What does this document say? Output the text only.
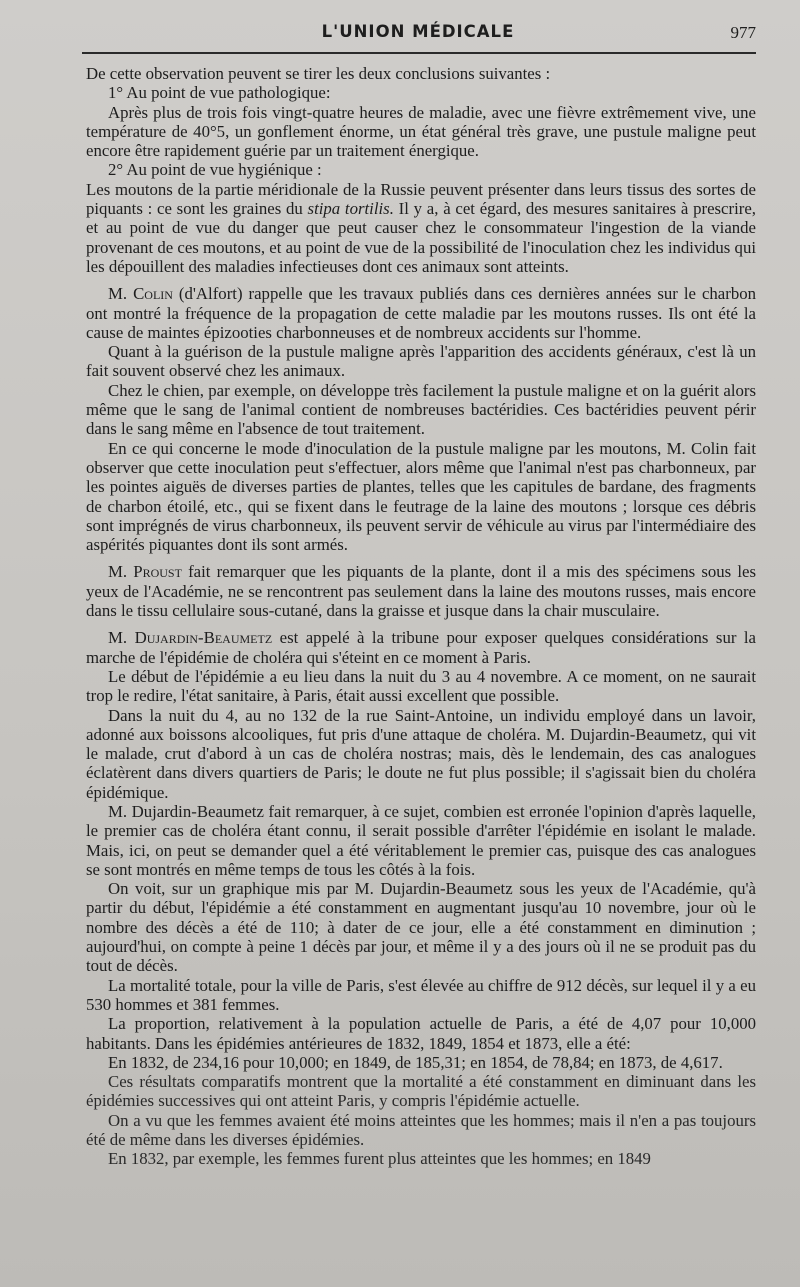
L'UNION MÉDICALE	977

De cette observation peuvent se tirer les deux conclusions suivantes :

1° Au point de vue pathologique:

Après plus de trois fois vingt-quatre heures de maladie, avec une fièvre extrêmement vive, une température de 40°5, un gonflement énorme, un état général très grave, une pustule maligne peut encore être rapidement guérie par un traitement énergique.

2° Au point de vue hygiénique :

Les moutons de la partie méridionale de la Russie peuvent présenter dans leurs tissus des sortes de piquants : ce sont les graines du stipa tortilis. Il y a, à cet égard, des mesures sanitaires à prescrire, et au point de vue du danger que peut causer chez le consommateur l'ingestion de la viande provenant de ces moutons, et au point de vue de la possibilité de l'inoculation chez les individus qui les dépouillent des maladies infectieuses dont ces animaux sont atteints.

M. Colin (d'Alfort) rappelle que les travaux publiés dans ces dernières années sur le charbon ont montré la fréquence de la propagation de cette maladie par les moutons russes. Ils ont été la cause de maintes épizooties charbonneuses et de nombreux accidents sur l'homme.

Quant à la guérison de la pustule maligne après l'apparition des accidents généraux, c'est là un fait souvent observé chez les animaux.

Chez le chien, par exemple, on développe très facilement la pustule maligne et on la guérit alors même que le sang de l'animal contient de nombreuses bactéridies. Ces bactéridies peuvent périr dans le sang même en l'absence de tout traitement.

En ce qui concerne le mode d'inoculation de la pustule maligne par les moutons, M. Colin fait observer que cette inoculation peut s'effectuer, alors même que l'animal n'est pas charbonneux, par les pointes aiguës de diverses parties de plantes, telles que les capitules de bardane, des fragments de charbon étoilé, etc., qui se fixent dans le feutrage de la laine des moutons ; lorsque ces débris sont imprégnés de virus charbonneux, ils peuvent servir de véhicule au virus par l'intermédiaire des aspérités piquantes dont ils sont armés.

M. Proust fait remarquer que les piquants de la plante, dont il a mis des spécimens sous les yeux de l'Académie, ne se rencontrent pas seulement dans la laine des moutons russes, mais encore dans le tissu cellulaire sous-cutané, dans la graisse et jusque dans la chair musculaire.

M. Dujardin-Beaumetz est appelé à la tribune pour exposer quelques considérations sur la marche de l'épidémie de choléra qui s'éteint en ce moment à Paris.

Le début de l'épidémie a eu lieu dans la nuit du 3 au 4 novembre. A ce moment, on ne saurait trop le redire, l'état sanitaire, à Paris, était aussi excellent que possible.

Dans la nuit du 4, au no 132 de la rue Saint-Antoine, un individu employé dans un lavoir, adonné aux boissons alcooliques, fut pris d'une attaque de choléra. M. Dujardin-Beaumetz, qui vit le malade, crut d'abord à un cas de choléra nostras; mais, dès le lendemain, des cas analogues éclatèrent dans divers quartiers de Paris; le doute ne fut plus possible; il s'agissait bien du choléra épidémique.

M. Dujardin-Beaumetz fait remarquer, à ce sujet, combien est erronée l'opinion d'après laquelle, le premier cas de choléra étant connu, il serait possible d'arrêter l'épidémie en isolant le malade. Mais, ici, on peut se demander quel a été véritablement le premier cas, puisque des cas analogues se sont montrés en même temps de tous les côtés à la fois.

On voit, sur un graphique mis par M. Dujardin-Beaumetz sous les yeux de l'Académie, qu'à partir du début, l'épidémie a été constamment en augmentant jusqu'au 10 novembre, jour où le nombre des décès a été de 110; à dater de ce jour, elle a été constamment en diminution ; aujourd'hui, on compte à peine 1 décès par jour, et même il y a des jours où il ne se produit pas du tout de décès.

La mortalité totale, pour la ville de Paris, s'est élevée au chiffre de 912 décès, sur lequel il y a eu 530 hommes et 381 femmes.

La proportion, relativement à la population actuelle de Paris, a été de 4,07 pour 10,000 habitants. Dans les épidémies antérieures de 1832, 1849, 1854 et 1873, elle a été:

En 1832, de 234,16 pour 10,000; en 1849, de 185,31; en 1854, de 78,84; en 1873, de 4,617.

Ces résultats comparatifs montrent que la mortalité a été constamment en diminuant dans les épidémies successives qui ont atteint Paris, y compris l'épidémie actuelle.

On a vu que les femmes avaient été moins atteintes que les hommes; mais il n'en a pas toujours été de même dans les diverses épidémies.

En 1832, par exemple, les femmes furent plus atteintes que les hommes; en 1849
